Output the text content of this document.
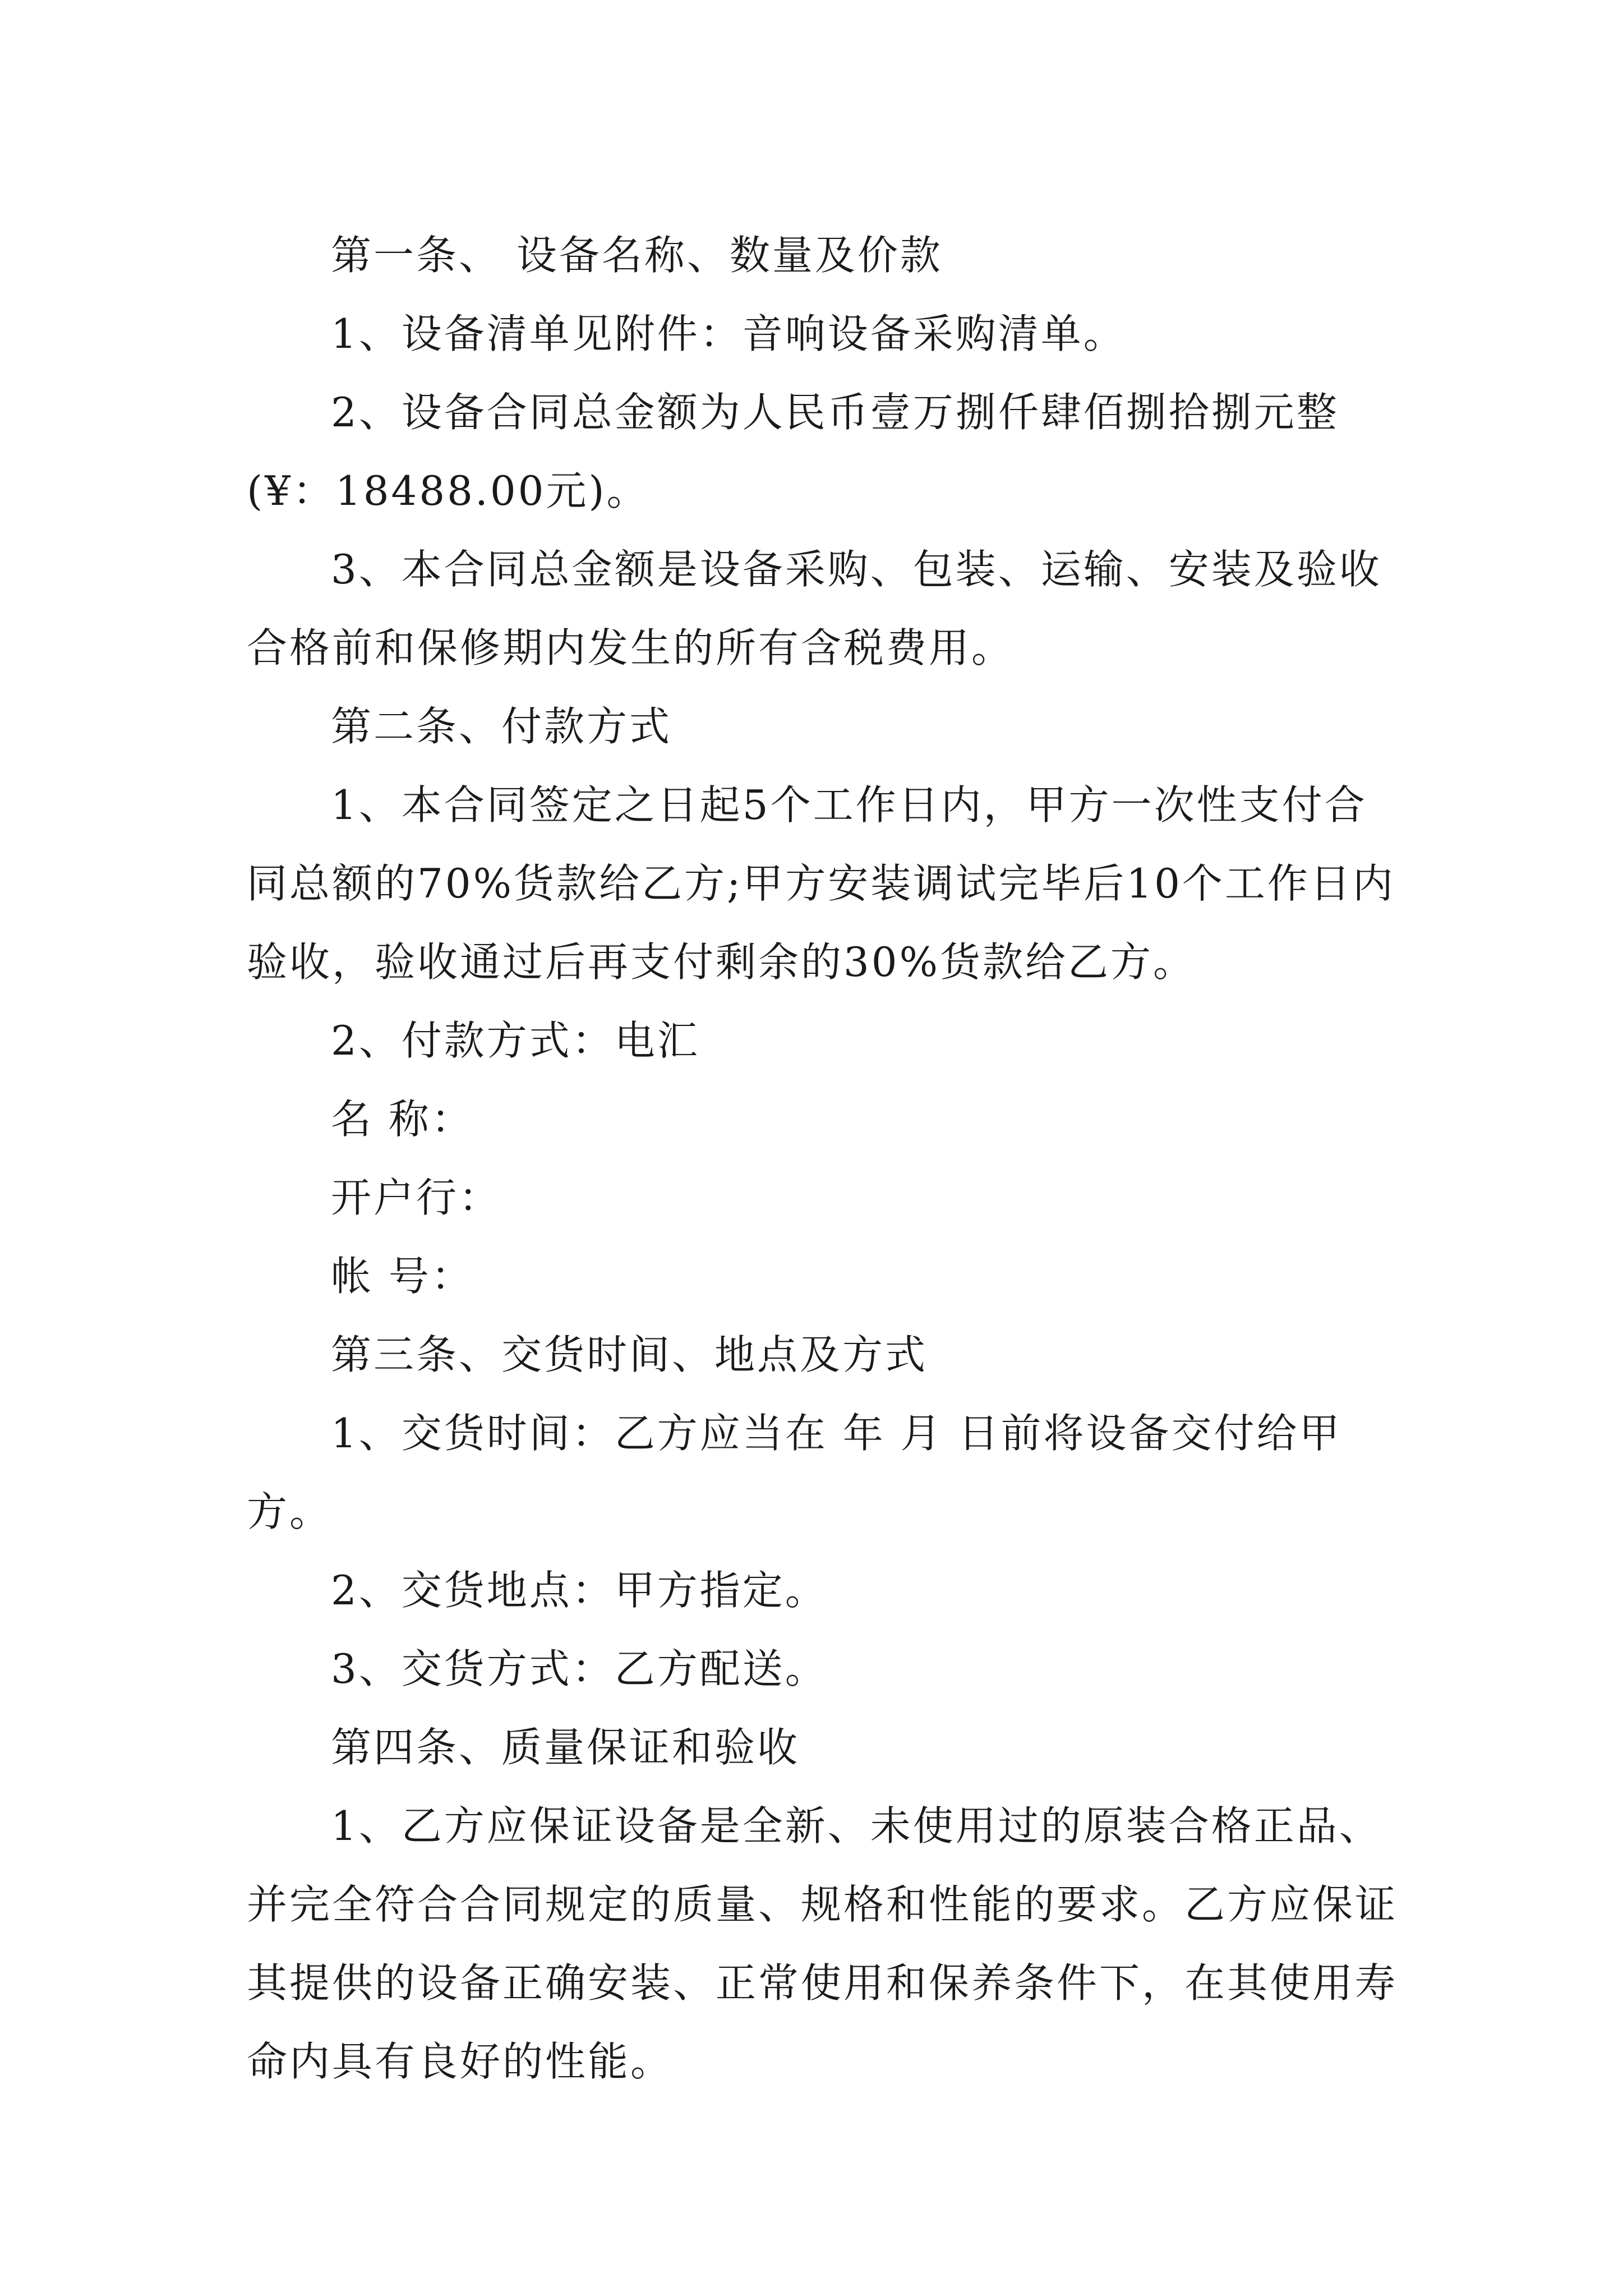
第一条、 设备名称、数量及价款

1、设备清单见附件：音响设备采购清单。

2、设备合同总金额为人民币壹万捌仟肆佰捌拾捌元整(¥：18488.00元)。

3、本合同总金额是设备采购、包装、运输、安装及验收合格前和保修期内发生的所有含税费用。

第二条、付款方式

1、本合同签定之日起5个工作日内，甲方一次性支付合同总额的70%货款给乙方;甲方安装调试完毕后10个工作日内验收，验收通过后再支付剩余的30%货款给乙方。

2、付款方式：电汇

名 称：

开户行：

帐 号：

第三条、交货时间、地点及方式

1、交货时间：乙方应当在 年 月 日前将设备交付给甲方。

2、交货地点：甲方指定。

3、交货方式：乙方配送。

第四条、质量保证和验收

1、乙方应保证设备是全新、未使用过的原装合格正品、并完全符合合同规定的质量、规格和性能的要求。乙方应保证其提供的设备正确安装、正常使用和保养条件下，在其使用寿命内具有良好的性能。
